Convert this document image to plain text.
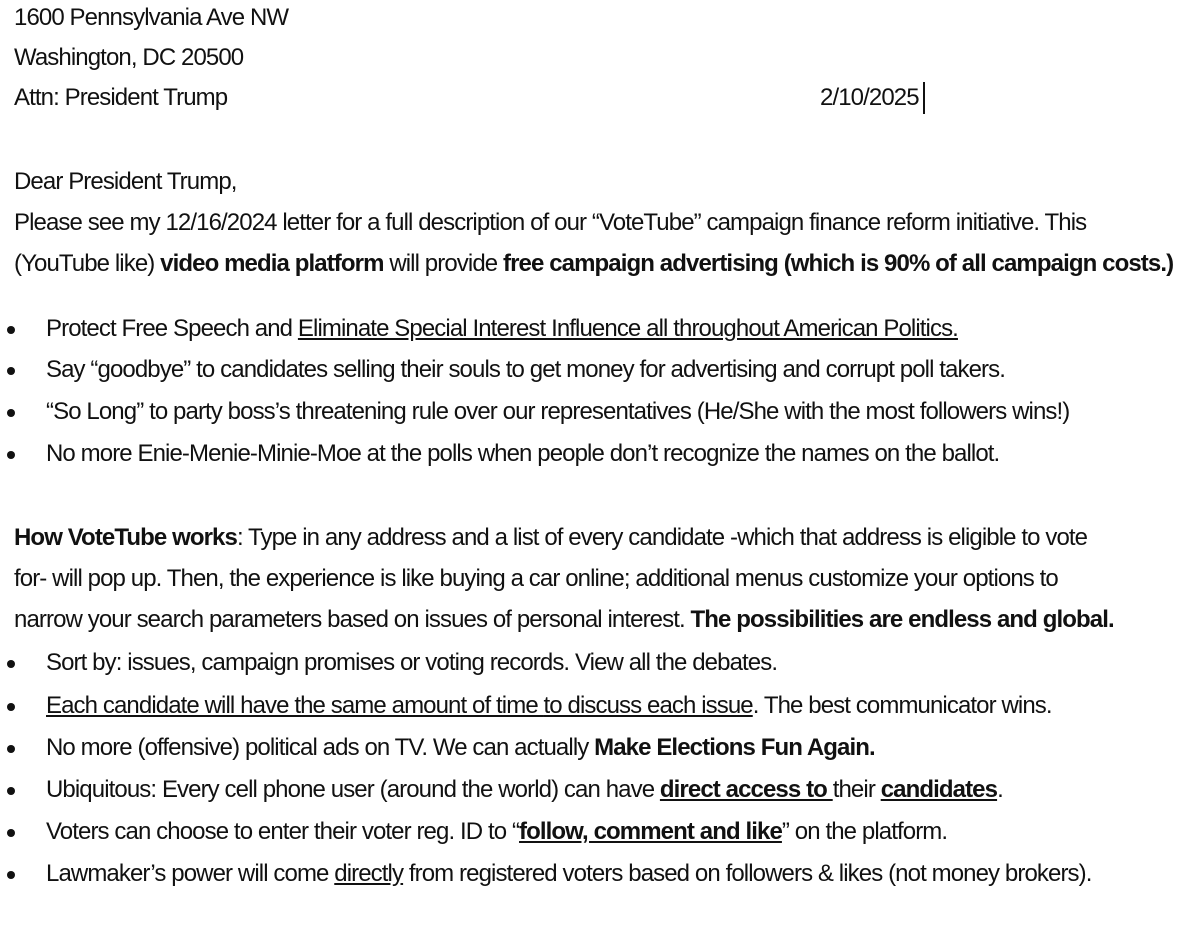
1600 Pennsylvania Ave NW
Washington, DC 20500
Attn: President Trump	2/10/2025
Dear President Trump,
Please see my 12/16/2024 letter for a full description of our “VoteTube” campaign finance reform initiative. This
(YouTube like) video media platform will provide free campaign advertising (which is 90% of all campaign costs.)
Protect Free Speech and Eliminate Special Interest Influence all throughout American Politics.
Say “goodbye” to candidates selling their souls to get money for advertising and corrupt poll takers.
“So Long” to party boss’s threatening rule over our representatives (He/She with the most followers wins!)
No more Enie-Menie-Minie-Moe at the polls when people don’t recognize the names on the ballot.
How VoteTube works: Type in any address and a list of every candidate -which that address is eligible to vote
for- will pop up. Then, the experience is like buying a car online; additional menus customize your options to
narrow your search parameters based on issues of personal interest. The possibilities are endless and global.
Sort by: issues, campaign promises or voting records. View all the debates.
Each candidate will have the same amount of time to discuss each issue. The best communicator wins.
No more (offensive) political ads on TV. We can actually Make Elections Fun Again.
Ubiquitous: Every cell phone user (around the world) can have direct access to their candidates.
Voters can choose to enter their voter reg. ID to “follow, comment and like” on the platform.
Lawmaker’s power will come directly from registered voters based on followers & likes (not money brokers).
